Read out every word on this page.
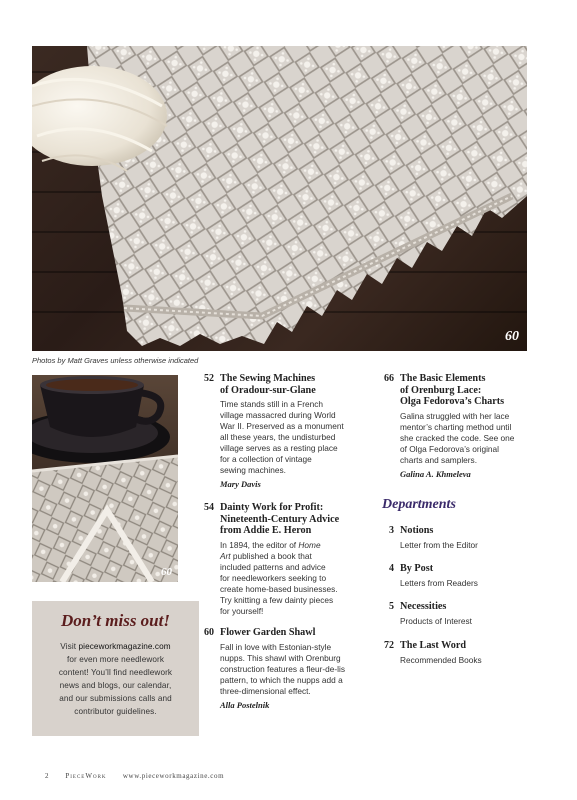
60
Photos by Matt Graves unless otherwise indicated
60
Don’t miss out!
Visit pieceworkmagazine.com
for even more needlework
content! You’ll find needlework
news and blogs, our calendar,
and our submissions calls and
contributor guidelines.
52 The Sewing Machines
of Oradour-sur-Glane
Time stands still in a French
village massacred during World
War II. Preserved as a monument
all these years, the undisturbed
village serves as a resting place
for a collection of vintage
sewing machines.
Mary Davis
54 Dainty Work for Profit:
Nineteenth-Century Advice
from Addie E. Heron
In 1894, the editor of Home
Art published a book that
included patterns and advice
for needleworkers seeking to
create home-based businesses.
Try knitting a few dainty pieces
for yourself!
60 Flower Garden Shawl
Fall in love with Estonian-style
nupps. This shawl with Orenburg
construction features a fleur-de-lis
pattern, to which the nupps add a
three-dimensional effect.
Alla Postelnik
66 The Basic Elements
of Orenburg Lace:
Olga Fedorova’s Charts
Galina struggled with her lace
mentor’s charting method until
she cracked the code. See one
of Olga Fedorova’s original
charts and samplers.
Galina A. Khmeleva
Departments
3 Notions
Letter from the Editor
4 By Post
Letters from Readers
5 Necessities
Products of Interest
72 The Last Word
Recommended Books
2 PieceWork www.pieceworkmagazine.com
